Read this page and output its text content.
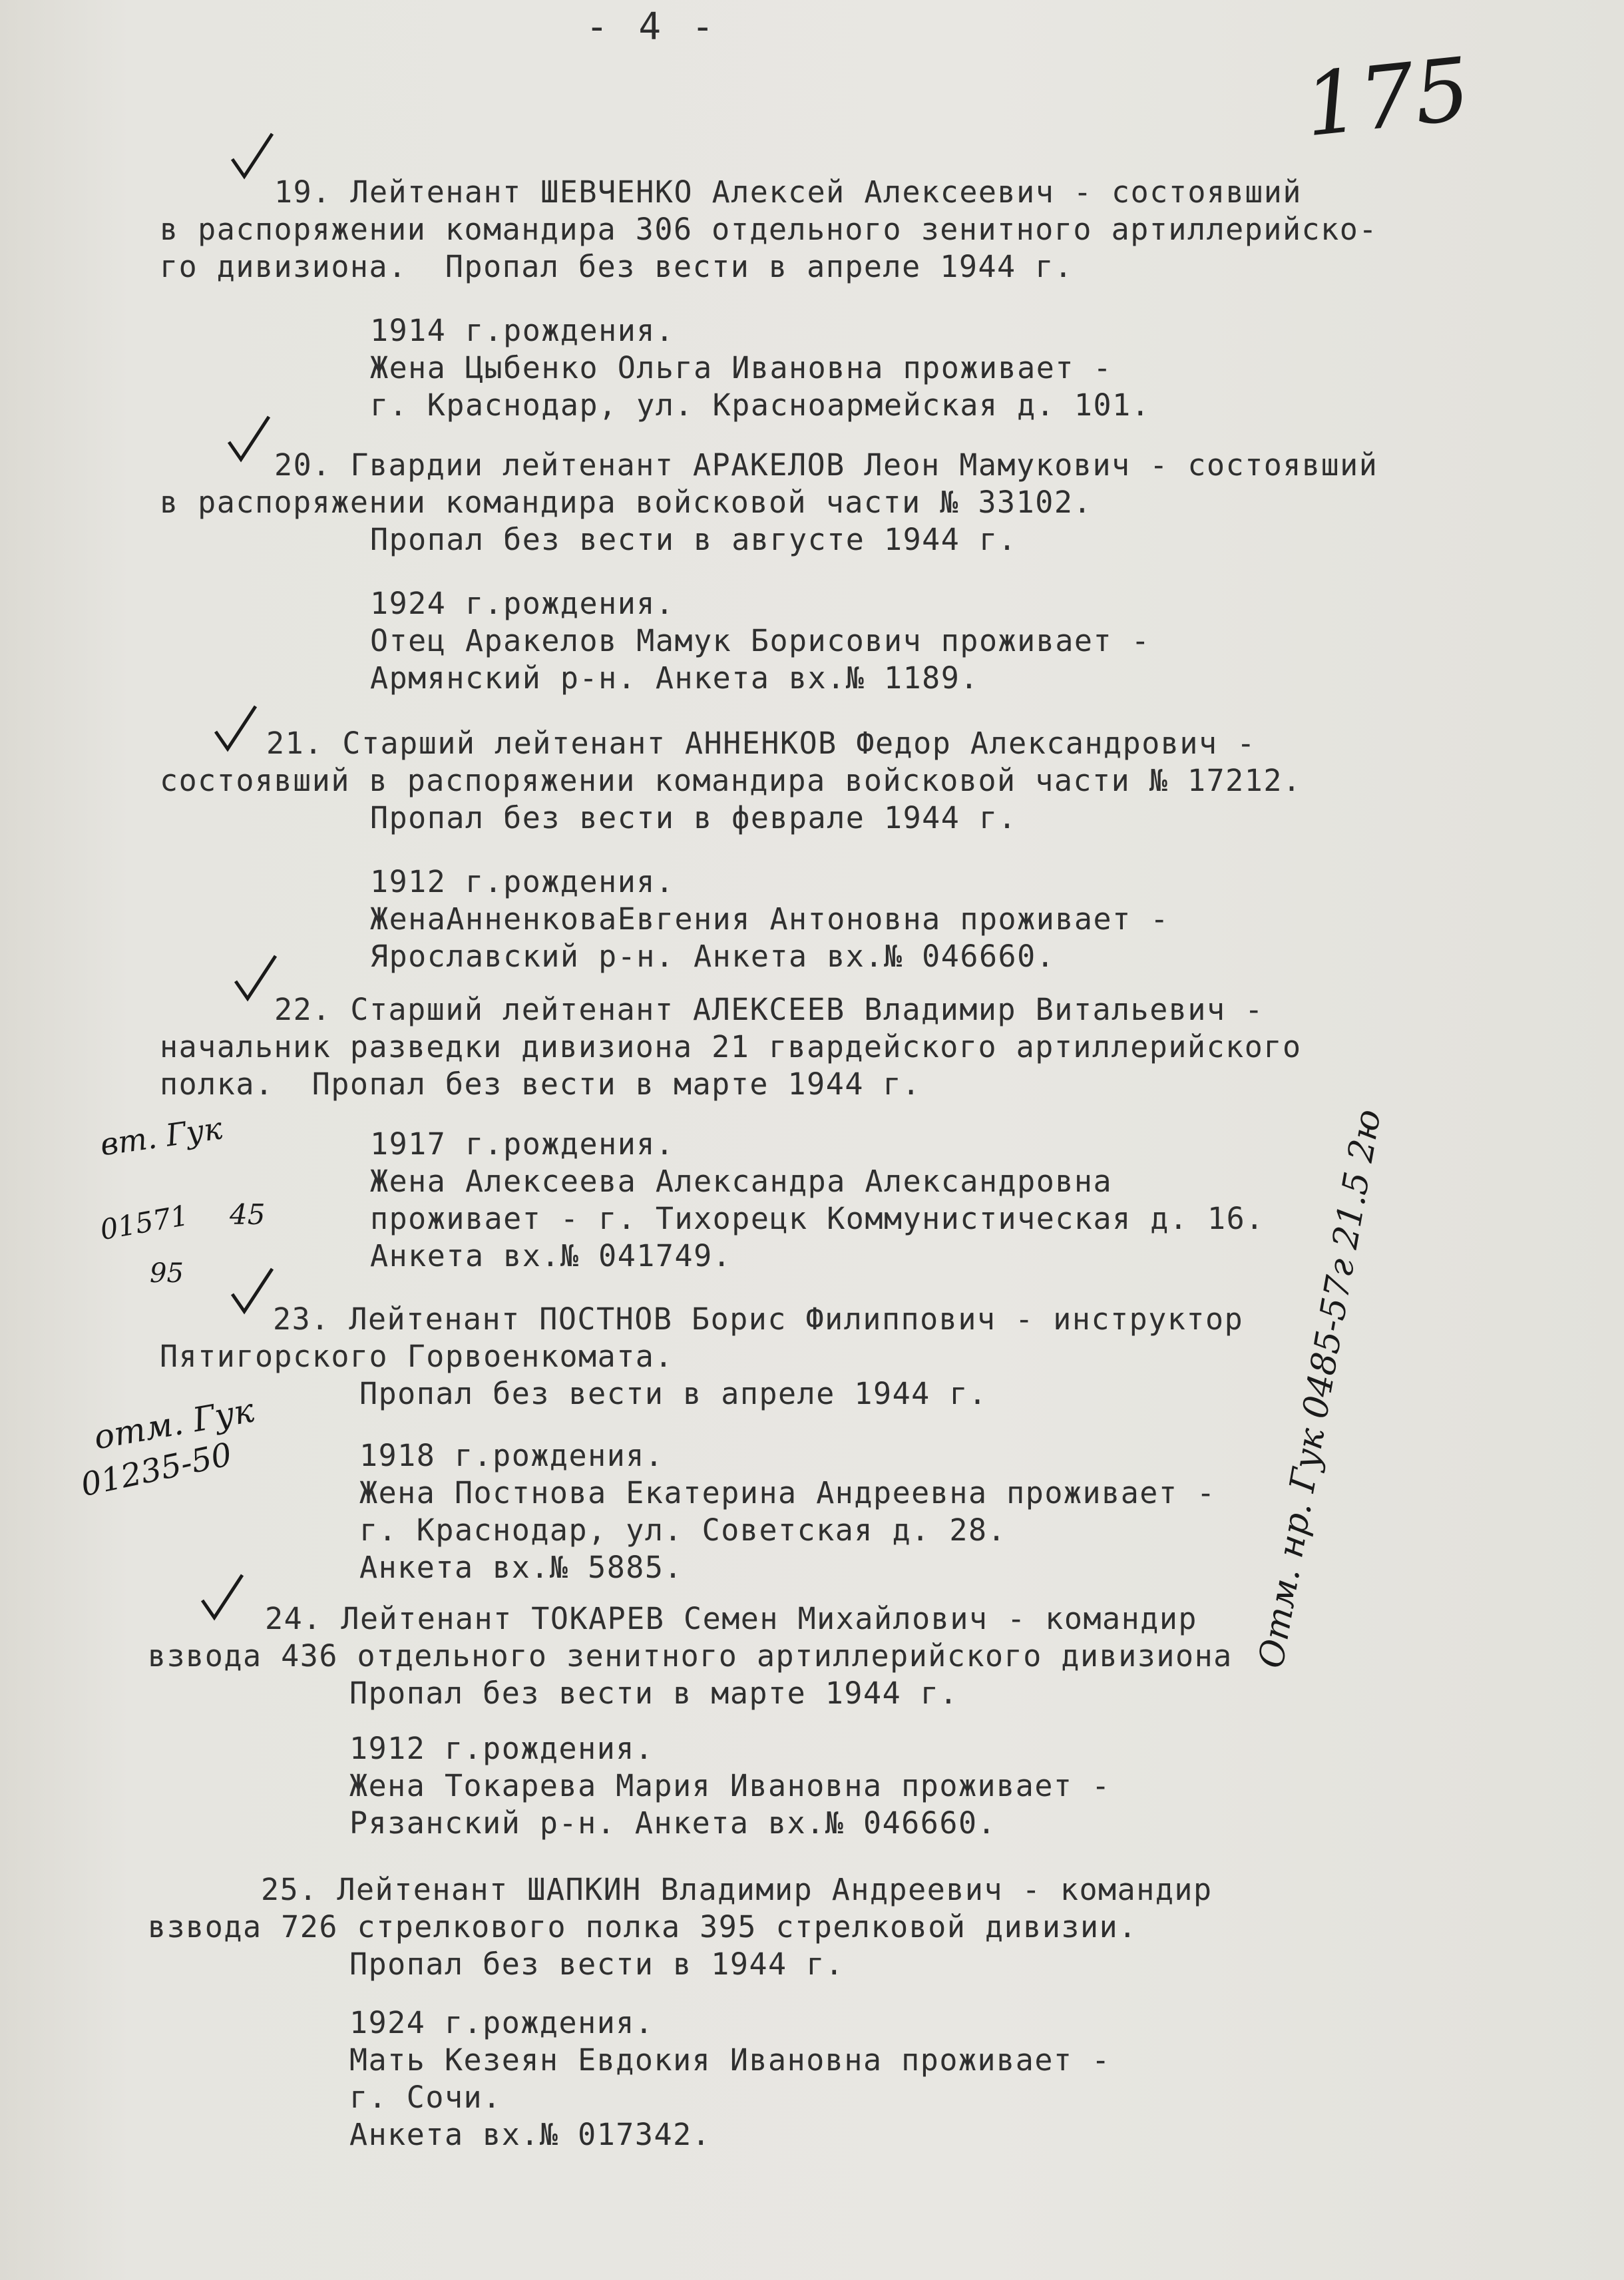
- 4 -
175
19. Лейтенант ШЕВЧЕНКО Алексей Алексеевич - состоявший
в распоряжении командира 306 отдельного зенитного артиллерийско-
го дивизиона.  Пропал без вести в апреле 1944 г.
1914 г.рождения.
Жена Цыбенко Ольга Ивановна проживает -
г. Краснодар, ул. Красноармейская д. 101.
20. Гвардии лейтенант АРАКЕЛОВ Леон Мамукович - состоявший
в распоряжении командира войсковой части № 33102.
Пропал без вести в августе 1944 г.
1924 г.рождения.
Отец Аракелов Мамук Борисович проживает -
Армянский р-н. Анкета вх.№ 1189.
21. Старший лейтенант АННЕНКОВ Федор Александрович -
состоявший в распоряжении командира войсковой части № 17212.
Пропал без вести в феврале 1944 г.
1912 г.рождения.
ЖенаАнненковаЕвгения Антоновна проживает -
Ярославский р-н. Анкета вх.№ 046660.
22. Старший лейтенант АЛЕКСЕЕВ Владимир Витальевич -
начальник разведки дивизиона 21 гвардейского артиллерийского
полка.  Пропал без вести в марте 1944 г.
1917 г.рождения.
Жена Алексеева Александра Александровна
проживает - г. Тихорецк Коммунистическая д. 16.
Анкета вх.№ 041749.
вт. Гук
01571 45
95
23. Лейтенант ПОСТНОВ Борис Филиппович - инструктор
Пятигорского Горвоенкомата.
Пропал без вести в апреле 1944 г.
1918 г.рождения.
Жена Постнова Екатерина Андреевна проживает -
г. Краснодар, ул. Советская д. 28.
Анкета вх.№ 5885.
отм. Гук
01235-50
24. Лейтенант ТОКАРЕВ Семен Михайлович - командир
взвода 436 отдельного зенитного артиллерийского дивизиона
Пропал без вести в марте 1944 г.
1912 г.рождения.
Жена Токарева Мария Ивановна проживает -
Рязанский р-н. Анкета вх.№ 046660.
25. Лейтенант ШАПКИН Владимир Андреевич - командир
взвода 726 стрелкового полка 395 стрелковой дивизии.
Пропал без вести в 1944 г.
1924 г.рождения.
Мать Кезеян Евдокия Ивановна проживает -
г. Сочи.
Анкета вх.№ 017342.
Отм. нр. Гук 0485-57г 21.5 2ю
